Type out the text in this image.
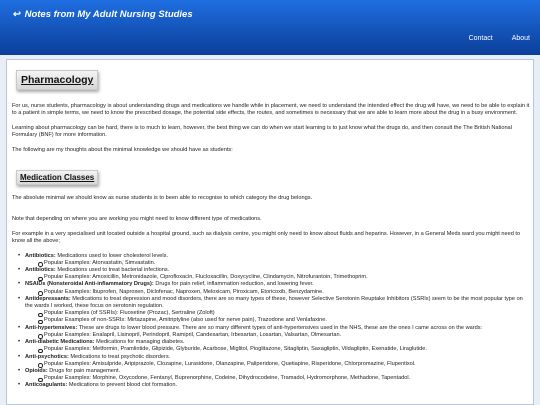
↩ Notes from My Adult Nursing Studies
Contact	About
Pharmacology

For us, nurse students, pharmacology is about understanding drugs and medications we handle while in placement, we need to understand the intended effect the drug will have, we need to be able to explain it to a patient in simple terms, we need to know the prescribed dosage, the potential side effects, the routes, and sometimes is necessary that we are able to learn more about the drug in a busy environment.

Learning about pharmacology can be hard, there is to much to learn, however, the best thing we can do when we start learning is to just know what the drugs do, and then consult the The British National Formulary (BNF) for more information.

The following are my thoughts about the minimal knowledge we should have as students:

Medication Classes

The absolute minimal we should know as nurse students is to been able to recognise to which category the drug belongs.

Note that depending on where you are working you might need to know different type of medications.

For example in a very specialised unit located outside a hospital ground, such as dialysis centre, you might only need to know about fluids and heparins. However, in a General Meds ward you might need to know all the above;

• Antibiotics: Medications used to lower cholesterol levels.
Popular Examples: Atorvastatin, Simvastatin.
• Antibiotics: Medications used to treat bacterial infections.
Popular Examples: Amoxicillin, Metronidazole, Ciprofloxacin, Flucloxacillin, Doxycycline, Clindamycin, Nitrofurantoin, Trimethoprim.
• NSAIDs (Nonsteroidal Anti-inflammatory Drugs): Drugs for pain relief, inflammation reduction, and lowering fever.
Popular Examples: Ibuprofen, Naproxen, Diclofenac, Naproxen, Meloxicam, Piroxicam, Etoricoxib, Benzydamine.
• Antidepressants: Medications to treat depression and mood disorders, there are so many types of these, however Selective Serotonin Reuptake Inhibitors (SSRIs) seem to be the most popular type on the wards I worked, these focus on serotonin regulation.
Popular Examples (of SSRIs): Fluoxetine (Prozac), Sertraline (Zoloft)
Popular Examples of non-SSRIs: Mirtazapine, Amitriptyline (also used for nerve pain), Trazodone and Venlafaxine.
• Anti-hypertensives: These are drugs to lower blood pressure. There are so many different types of anti-hypertensives used in the NHS, these are the ones I came across on the wards:
Popular Examples: Enalapril, Lisinopril, Perindopril, Ramipril, Candesartan, Irbesartan, Losartan, Valsartan, Olmesartan.
• Anti-diabetic Medications: Medications for managing diabetes.
Popular Examples: Metformin, Pramlintide, Glipizide, Glyburide, Acarbose, Miglitol, Pioglitazone, Sitagliptin, Saxagliptin, Vildagliptin, Exenatide, Liraglutide.
• Anti-psychotics: Medications to treat psychotic disorders.
Popular Examples: Amisulpride, Aripiprazole, Clozapine, Lurasidone, Olanzapine, Paliperidone, Quetiapine, Risperidone, Chlorpromazine, Flupentixol.
• Opioids: Drugs for pain management.
Popular Examples: Morphine, Oxycodone, Fentanyl, Buprenorphine, Codeine, Dihydrocodeine, Tramadol, Hydromorphone, Methadone, Tapentadol.
• Anticoagulants: Medications to prevent blood clot formation.
